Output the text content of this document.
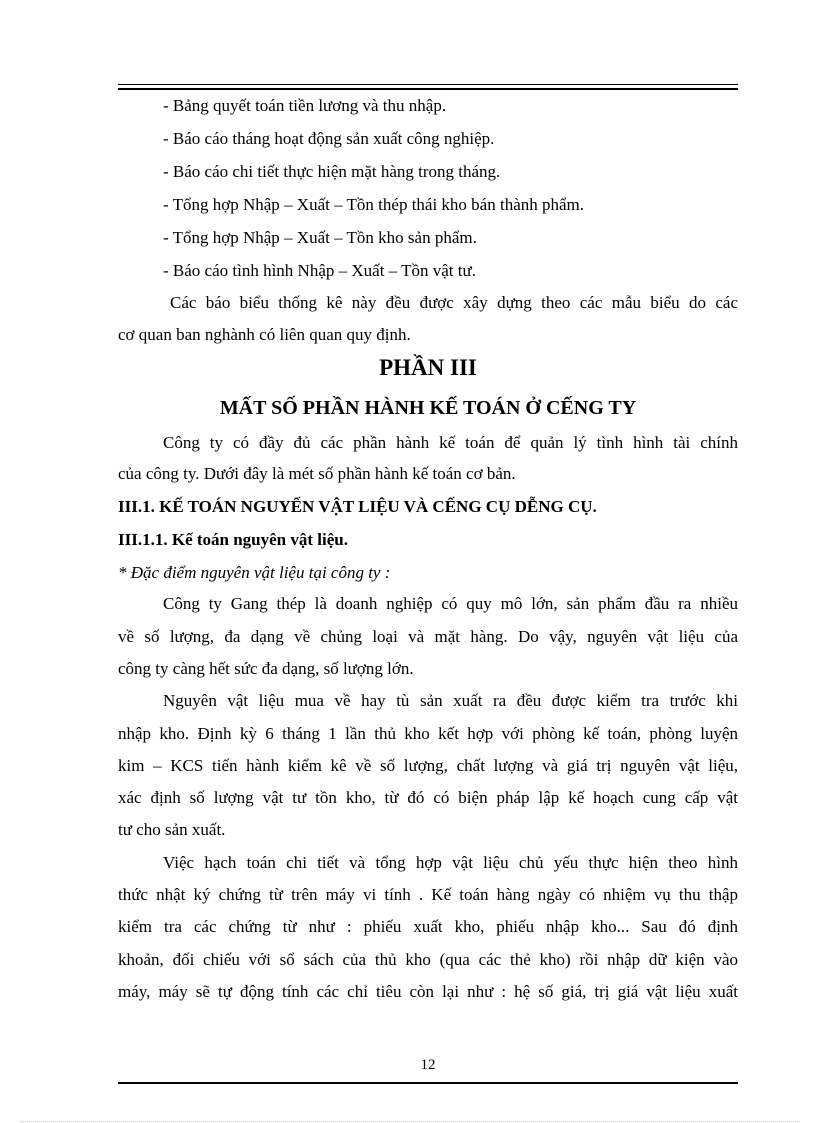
- Bảng quyết toán tiền lương và thu nhập.
- Báo cáo tháng hoạt động sản xuất công nghiệp.
- Báo cáo chi tiết thực hiện mặt hàng trong tháng.
- Tổng hợp Nhập – Xuất – Tồn thép thái kho bán thành phẩm.
- Tổng hợp Nhập – Xuất – Tồn kho sản phẩm.
- Báo cáo tình hình Nhập – Xuất – Tồn vật tư.
Các báo biểu thống kê này đều được xây dựng theo các mẫu biểu do các
cơ quan ban nghành có liên quan quy định.
PHẦN III
MẤT SỐ PHẦN HÀNH KẾ TOÁN Ở CẾNG TY
Công ty có đầy đủ các phần hành kế toán để quản lý tình hình tài chính
của công ty. Dưới đây là mét số phần hành kế toán cơ bản.
III.1. KẾ TOÁN NGUYẾN VẬT LIỆU VÀ CẾNG CỤ DỄNG CỤ.
III.1.1. Kế toán nguyên vật liệu.
* Đặc điểm nguyên vật liệu tại công ty :
Công ty Gang thép là doanh nghiệp có quy mô lớn, sản phẩm đầu ra nhiều
về số lượng, đa dạng về chủng loại và mặt hàng. Do vậy, nguyên vật liệu của
công ty càng hết sức đa dạng, số lượng lớn.
Nguyên vật liệu mua về hay tù sản xuất ra đều được kiểm tra trước khi
nhập kho. Định kỳ 6 tháng 1 lần thủ kho kết hợp với phòng kế toán, phòng luyện
kim – KCS tiến hành kiểm kê về số lượng, chất lượng và giá trị nguyên vật liệu,
xác định số lượng vật tư tồn kho, từ đó có biện pháp lập kế hoạch cung cấp vật
tư cho sản xuất.
Việc hạch toán chi tiết và tổng hợp vật liệu chủ yếu thực hiện theo hình
thức nhật ký chứng từ trên máy vi tính . Kế toán hàng ngày có nhiệm vụ thu thập
kiểm tra các chứng từ như : phiếu xuất kho, phiếu nhập kho... Sau đó định
khoản, đối chiếu với sổ sách của thủ kho (qua các thẻ kho) rồi nhập dữ kiện vào
máy, máy sẽ tự động tính các chỉ tiêu còn lại như : hệ số giá, trị giá vật liệu xuất
12
